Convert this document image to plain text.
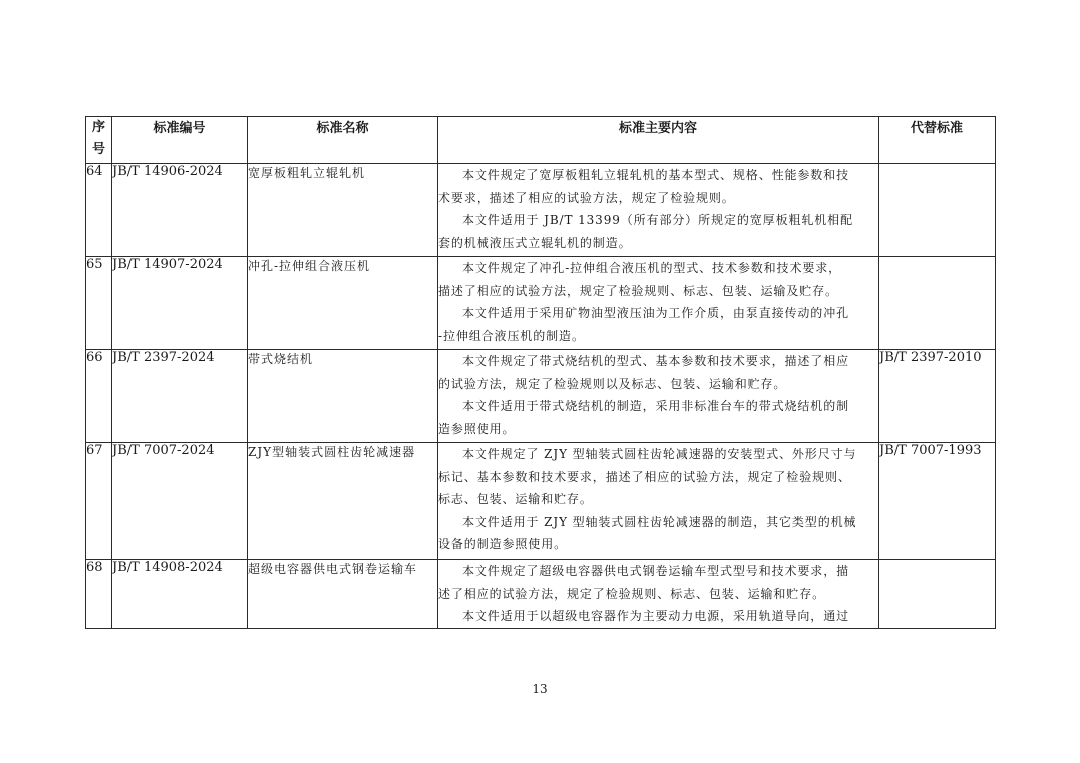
序
号	标准编号	标准名称	标准主要内容	代替标准
64	JB/T 14906-2024	宽厚板粗轧立辊轧机	本文件规定了宽厚板粗轧立辊轧机的基本型式、规格、性能参数和技
术要求，描述了相应的试验方法，规定了检验规则。

本文件适用于 JB/T 13399（所有部分）所规定的宽厚板粗轧机相配
套的机械液压式立辊轧机的制造。	

65	JB/T 14907-2024	冲孔-拉伸组合液压机	本文件规定了冲孔-拉伸组合液压机的型式、技术参数和技术要求，
描述了相应的试验方法，规定了检验规则、标志、包装、运输及贮存。

本文件适用于采用矿物油型液压油为工作介质，由泵直接传动的冲孔
-拉伸组合液压机的制造。	

66	JB/T 2397-2024	带式烧结机	本文件规定了带式烧结机的型式、基本参数和技术要求，描述了相应
的试验方法，规定了检验规则以及标志、包装、运输和贮存。

本文件适用于带式烧结机的制造，采用非标准台车的带式烧结机的制
造参照使用。	JB/T 2397-2010
67	JB/T 7007-2024	ZJY型轴装式圆柱齿轮减速器	本文件规定了 ZJY 型轴装式圆柱齿轮减速器的安装型式、外形尺寸与
标记、基本参数和技术要求，描述了相应的试验方法，规定了检验规则、
标志、包装、运输和贮存。

本文件适用于 ZJY 型轴装式圆柱齿轮减速器的制造，其它类型的机械
设备的制造参照使用。	JB/T 7007-1993
68	JB/T 14908-2024	超级电容器供电式钢卷运输车	本文件规定了超级电容器供电式钢卷运输车型式型号和技术要求，描
述了相应的试验方法，规定了检验规则、标志、包装、运输和贮存。

本文件适用于以超级电容器作为主要动力电源，采用轨道导向，通过	

13
